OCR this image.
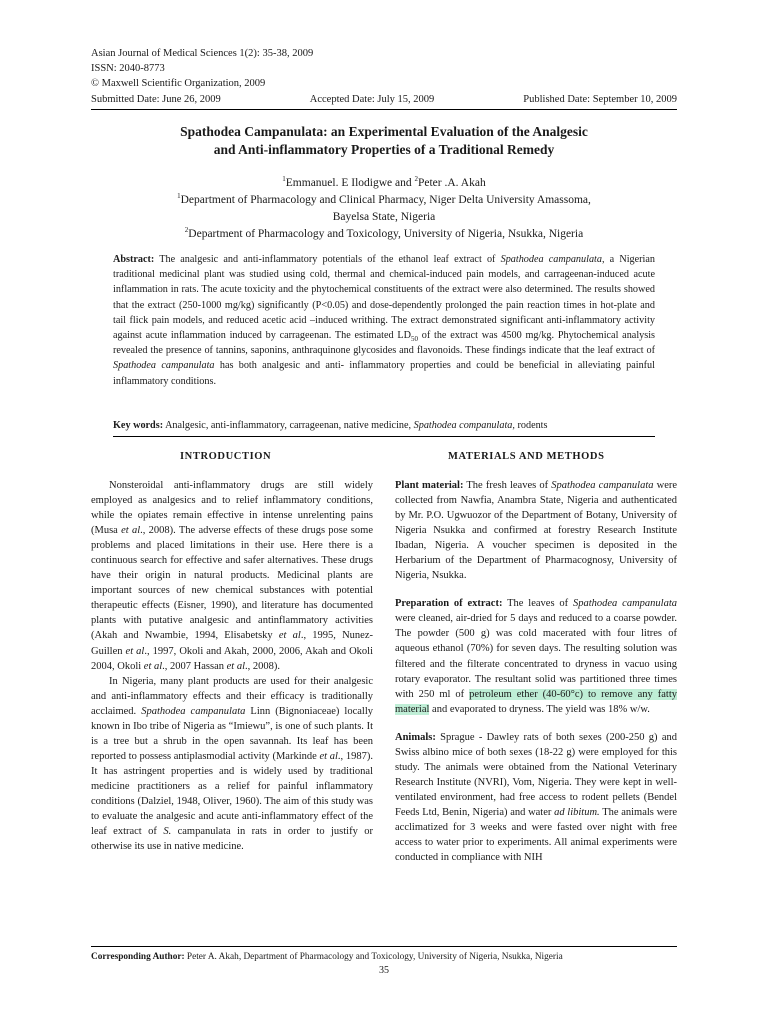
Asian Journal of Medical Sciences 1(2): 35-38, 2009
ISSN: 2040-8773
© Maxwell Scientific Organization, 2009
Submitted Date: June 26, 2009	Accepted Date: July 15, 2009	Published Date: September 10, 2009
Spathodea Campanulata: an Experimental Evaluation of the Analgesic
and Anti-inflammatory Properties of a Traditional Remedy
$^1$Emmanuel. E Ilodigwe and $^2$Peter .A. Akah
$^1$Department of Pharmacology and Clinical Pharmacy, Niger Delta University Amassoma,
Bayelsa State, Nigeria
$^2$Department of Pharmacology and Toxicology, University of Nigeria, Nsukka, Nigeria
Abstract: The analgesic and anti-inflammatory potentials of the ethanol leaf extract of Spathodea campanulata, a Nigerian traditional medicinal plant was studied using cold, thermal and chemical-induced pain models, and carrageenan-induced acute inflammation in rats. The acute toxicity and the phytochemical constituents of the extract were also determined. The results showed that the extract (250-1000 mg/kg) significantly (P<0.05) and dose-dependently prolonged the pain reaction times in hot-plate and tail flick pain models, and reduced acetic acid –induced writhing. The extract demonstrated significant anti-inflammatory activity against acute inflammation induced by carrageenan. The estimated $LD_{50}$ of the extract was 4500 mg/kg. Phytochemical analysis revealed the presence of tannins, saponins, anthraquinone glycosides and flavonoids. These findings indicate that the leaf extract of Spathodea campanulata has both analgesic and anti- inflammatory properties and could be beneficial in alleviating painful inflammatory conditions.
Key words: Analgesic, anti-inflammatory, carrageenan, native medicine, Spathodea companulata, rodents
INTRODUCTION	MATERIALS AND METHODS

Nonsteroidal anti-inflammatory drugs are still widely employed as analgesics and to relief inflammatory conditions, while the opiates remain effective in intense unrelenting pains (Musa et al., 2008). The adverse effects of these drugs pose some problems and placed limitations in their use. Here there is a continuous search for effective and safer alternatives. These drugs have their origin in natural products. Medicinal plants are important sources of new chemical substances with potential therapeutic effects (Eisner, 1990), and literature has documented plants with putative analgesic and antinflammatory activities (Akah and Nwambie, 1994, Elisabetsky et al., 1995, Nunez-Guillen et al., 1997, Okoli and Akah, 2000, 2006, Akah and Okoli 2004, Okoli et al., 2007 Hassan et al., 2008).

In Nigeria, many plant products are used for their analgesic and anti-inflammatory effects and their efficacy is traditionally acclaimed. Spathodea campanulata Linn (Bignoniaceae) locally known in Ibo tribe of Nigeria as “Imiewu”, is one of such plants. It is a tree but a shrub in the open savannah. Its leaf has been reported to possess antiplasmodial activity (Markinde et al., 1987). It has astringent properties and is widely used by traditional medicine practitioners as a relief for painful inflammatory conditions (Dalziel, 1948, Oliver, 1960). The aim of this study was to evaluate the analgesic and acute anti-inflammatory effect of the leaf extract of S. campanulata in rats in order to justify or otherwise its use in native medicine.

Plant material: The fresh leaves of Spathodea campanulata were collected from Nawfia, Anambra State, Nigeria and authenticated by Mr. P.O. Ugwuozor of the Department of Botany, University of Nigeria Nsukka and confirmed at forestry Research Institute Ibadan, Nigeria. A voucher specimen is deposited in the Herbarium of the Department of Pharmacognosy, University of Nigeria, Nsukka.

Preparation of extract: The leaves of Spathodea campanulata were cleaned, air-dried for 5 days and reduced to a coarse powder. The powder (500 g) was cold macerated with four litres of aqueous ethanol (70%) for seven days. The resulting solution was filtered and the filterate concentrated to dryness in vacuo using rotary evaporator. The resultant solid was partitioned three times with 250 ml of petroleum ether (40-60°c) to remove any fatty material and evaporated to dryness. The yield was 18% w/w.

Animals: Sprague - Dawley rats of both sexes (200-250 g) and Swiss albino mice of both sexes (18-22 g) were employed for this study. The animals were obtained from the National Veterinary Research Institute (NVRI), Vom, Nigeria. They were kept in well-ventilated environment, had free access to rodent pellets (Bendel Feeds Ltd, Benin, Nigeria) and water ad libitum. The animals were acclimatized for 3 weeks and were fasted over night with free access to water prior to experiments. All animal experiments were conducted in compliance with NIH

Corresponding Author: Peter A. Akah, Department of Pharmacology and Toxicology, University of Nigeria, Nsukka, Nigeria
35
